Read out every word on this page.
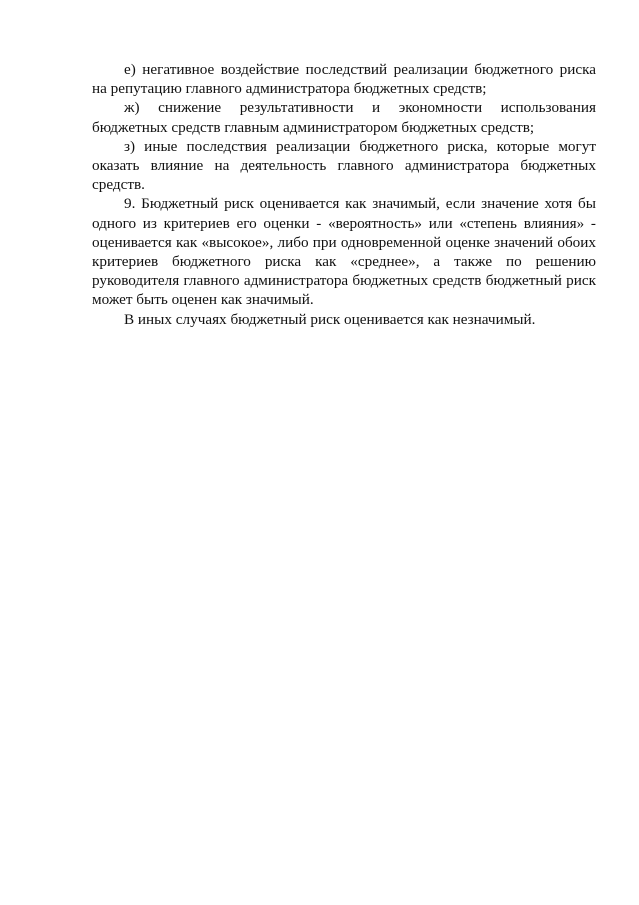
е) негативное воздействие последствий реализации бюджетного риска на репутацию главного администратора бюджетных средств;

ж) снижение результативности и экономности использования бюджетных средств главным администратором бюджетных средств;

з) иные последствия реализации бюджетного риска, которые могут оказать влияние на деятельность главного администратора бюджетных средств.

9. Бюджетный риск оценивается как значимый, если значение хотя бы одного из критериев его оценки - «вероятность» или «степень влияния» - оценивается как «высокое», либо при одновременной оценке значений обоих критериев бюджетного риска как «среднее», а также по решению руководителя главного администратора бюджетных средств бюджетный риск может быть оценен как значимый.

В иных случаях бюджетный риск оценивается как незначимый.
